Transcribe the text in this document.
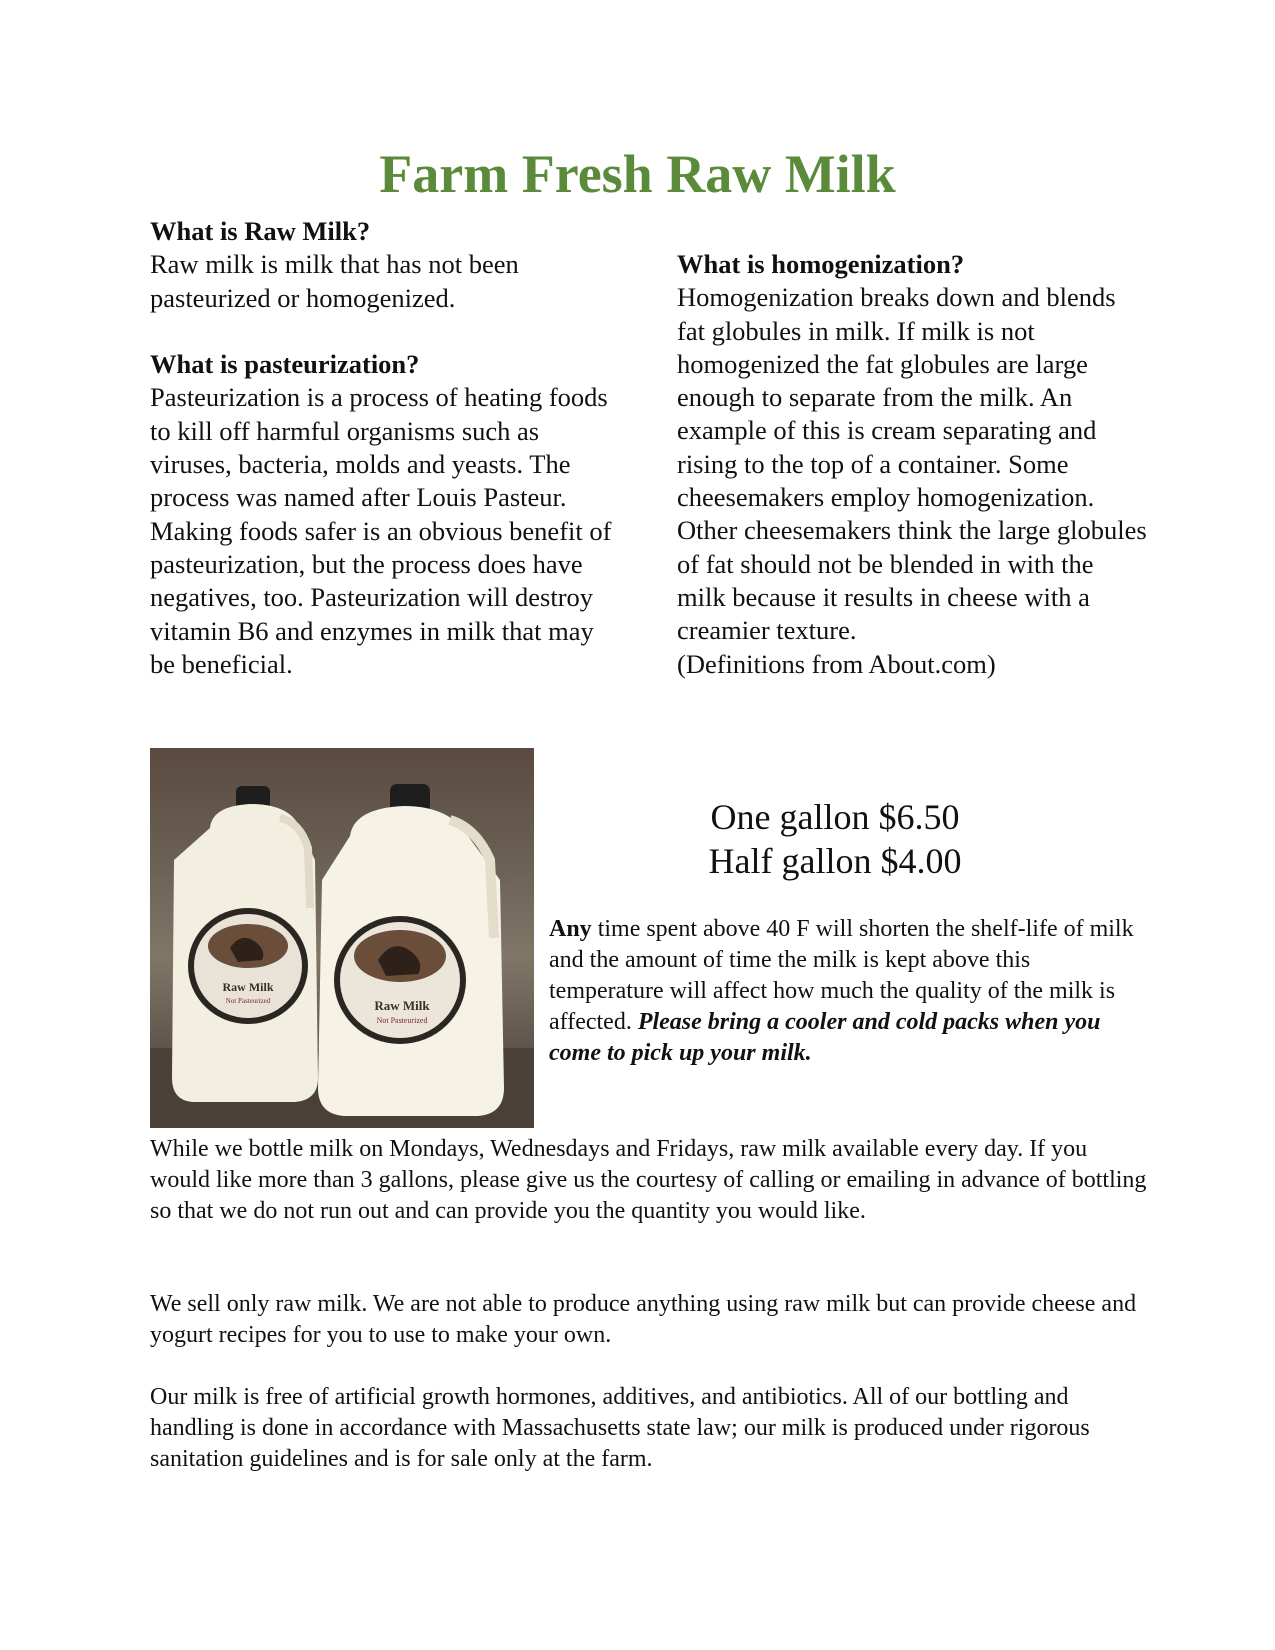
Farm Fresh Raw Milk
What is Raw Milk?
Raw milk is milk that has not been pasteurized or homogenized.
What is pasteurization?
Pasteurization is a process of heating foods to kill off harmful organisms such as viruses, bacteria, molds and yeasts. The process was named after Louis Pasteur. Making foods safer is an obvious benefit of pasteurization, but the process does have negatives, too. Pasteurization will destroy vitamin B6 and enzymes in milk that may be beneficial.
What is homogenization?
Homogenization breaks down and blends fat globules in milk. If milk is not homogenized the fat globules are large enough to separate from the milk. An example of this is cream separating and rising to the top of a container. Some cheesemakers employ homogenization. Other cheesemakers think the large globules of fat should not be blended in with the milk because it results in cheese with a creamier texture.
(Definitions from About.com)
Raw Milk
Not Pasteurized	Raw Milk
Not Pasteurized
One gallon $6.50
Half gallon $4.00
Any time spent above 40 F will shorten the shelf-life of milk and the amount of time the milk is kept above this temperature will affect how much the quality of the milk is affected. Please bring a cooler and cold packs when you come to pick up your milk.
While we bottle milk on Mondays, Wednesdays and Fridays, raw milk available every day. If you would like more than 3 gallons, please give us the courtesy of calling or emailing in advance of bottling so that we do not run out and can provide you the quantity you would like.
We sell only raw milk. We are not able to produce anything using raw milk but can provide cheese and yogurt recipes for you to use to make your own.
Our milk is free of artificial growth hormones, additives, and antibiotics. All of our bottling and handling is done in accordance with Massachusetts state law; our milk is produced under rigorous sanitation guidelines and is for sale only at the farm.
